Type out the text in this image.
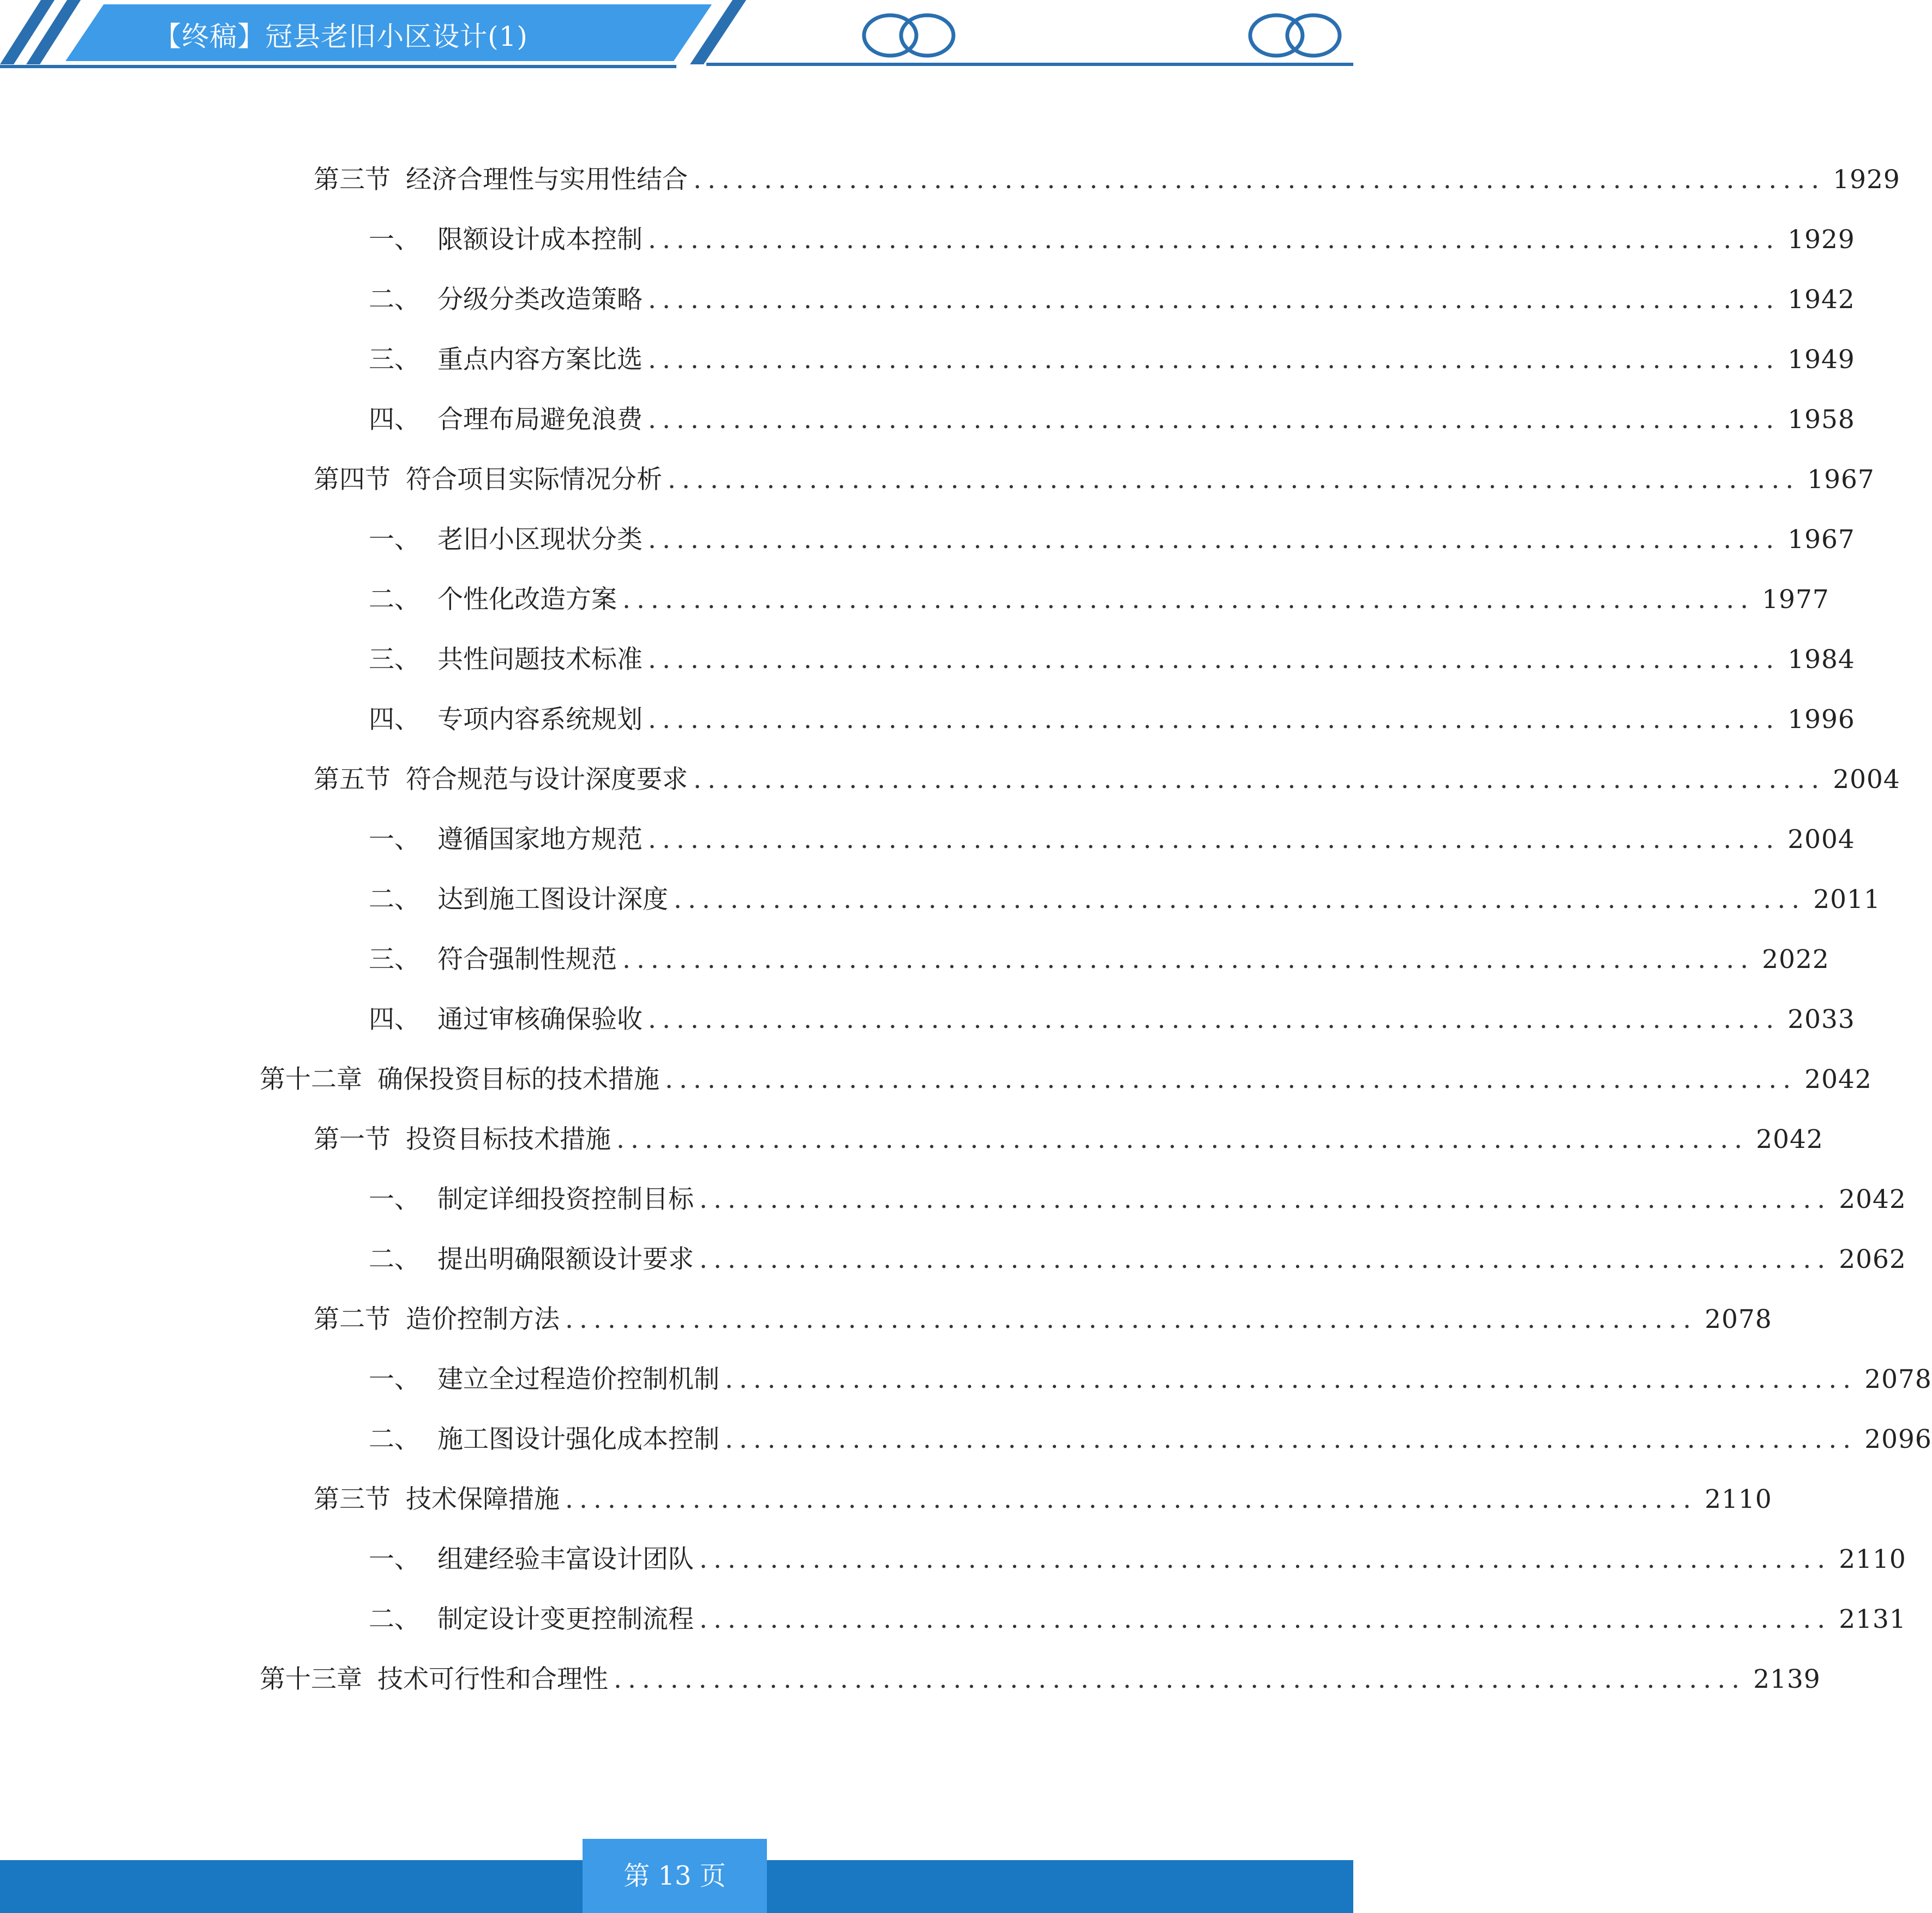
【终稿】冠县老旧小区设计(1)
第三节 经济合理性与实用性结合 ................................................................................ 1929
一、 限额设计成本控制 ................................................................................ 1929
二、 分级分类改造策略 ................................................................................ 1942
三、 重点内容方案比选 ................................................................................ 1949
四、 合理布局避免浪费 ................................................................................ 1958
第四节 符合项目实际情况分析 ................................................................................ 1967
一、 老旧小区现状分类 ................................................................................ 1967
二、 个性化改造方案 ................................................................................ 1977
三、 共性问题技术标准 ................................................................................ 1984
四、 专项内容系统规划 ................................................................................ 1996
第五节 符合规范与设计深度要求 ................................................................................ 2004
一、 遵循国家地方规范 ................................................................................ 2004
二、 达到施工图设计深度 ................................................................................ 2011
三、 符合强制性规范 ................................................................................ 2022
四、 通过审核确保验收 ................................................................................ 2033
第十二章 确保投资目标的技术措施 ................................................................................ 2042
第一节 投资目标技术措施 ................................................................................ 2042
一、 制定详细投资控制目标 ................................................................................ 2042
二、 提出明确限额设计要求 ................................................................................ 2062
第二节 造价控制方法 ................................................................................ 2078
一、 建立全过程造价控制机制 ................................................................................ 2078
二、 施工图设计强化成本控制 ................................................................................ 2096
第三节 技术保障措施 ................................................................................ 2110
一、 组建经验丰富设计团队 ................................................................................ 2110
二、 制定设计变更控制流程 ................................................................................ 2131
第十三章 技术可行性和合理性 ................................................................................ 2139
第 13 页
